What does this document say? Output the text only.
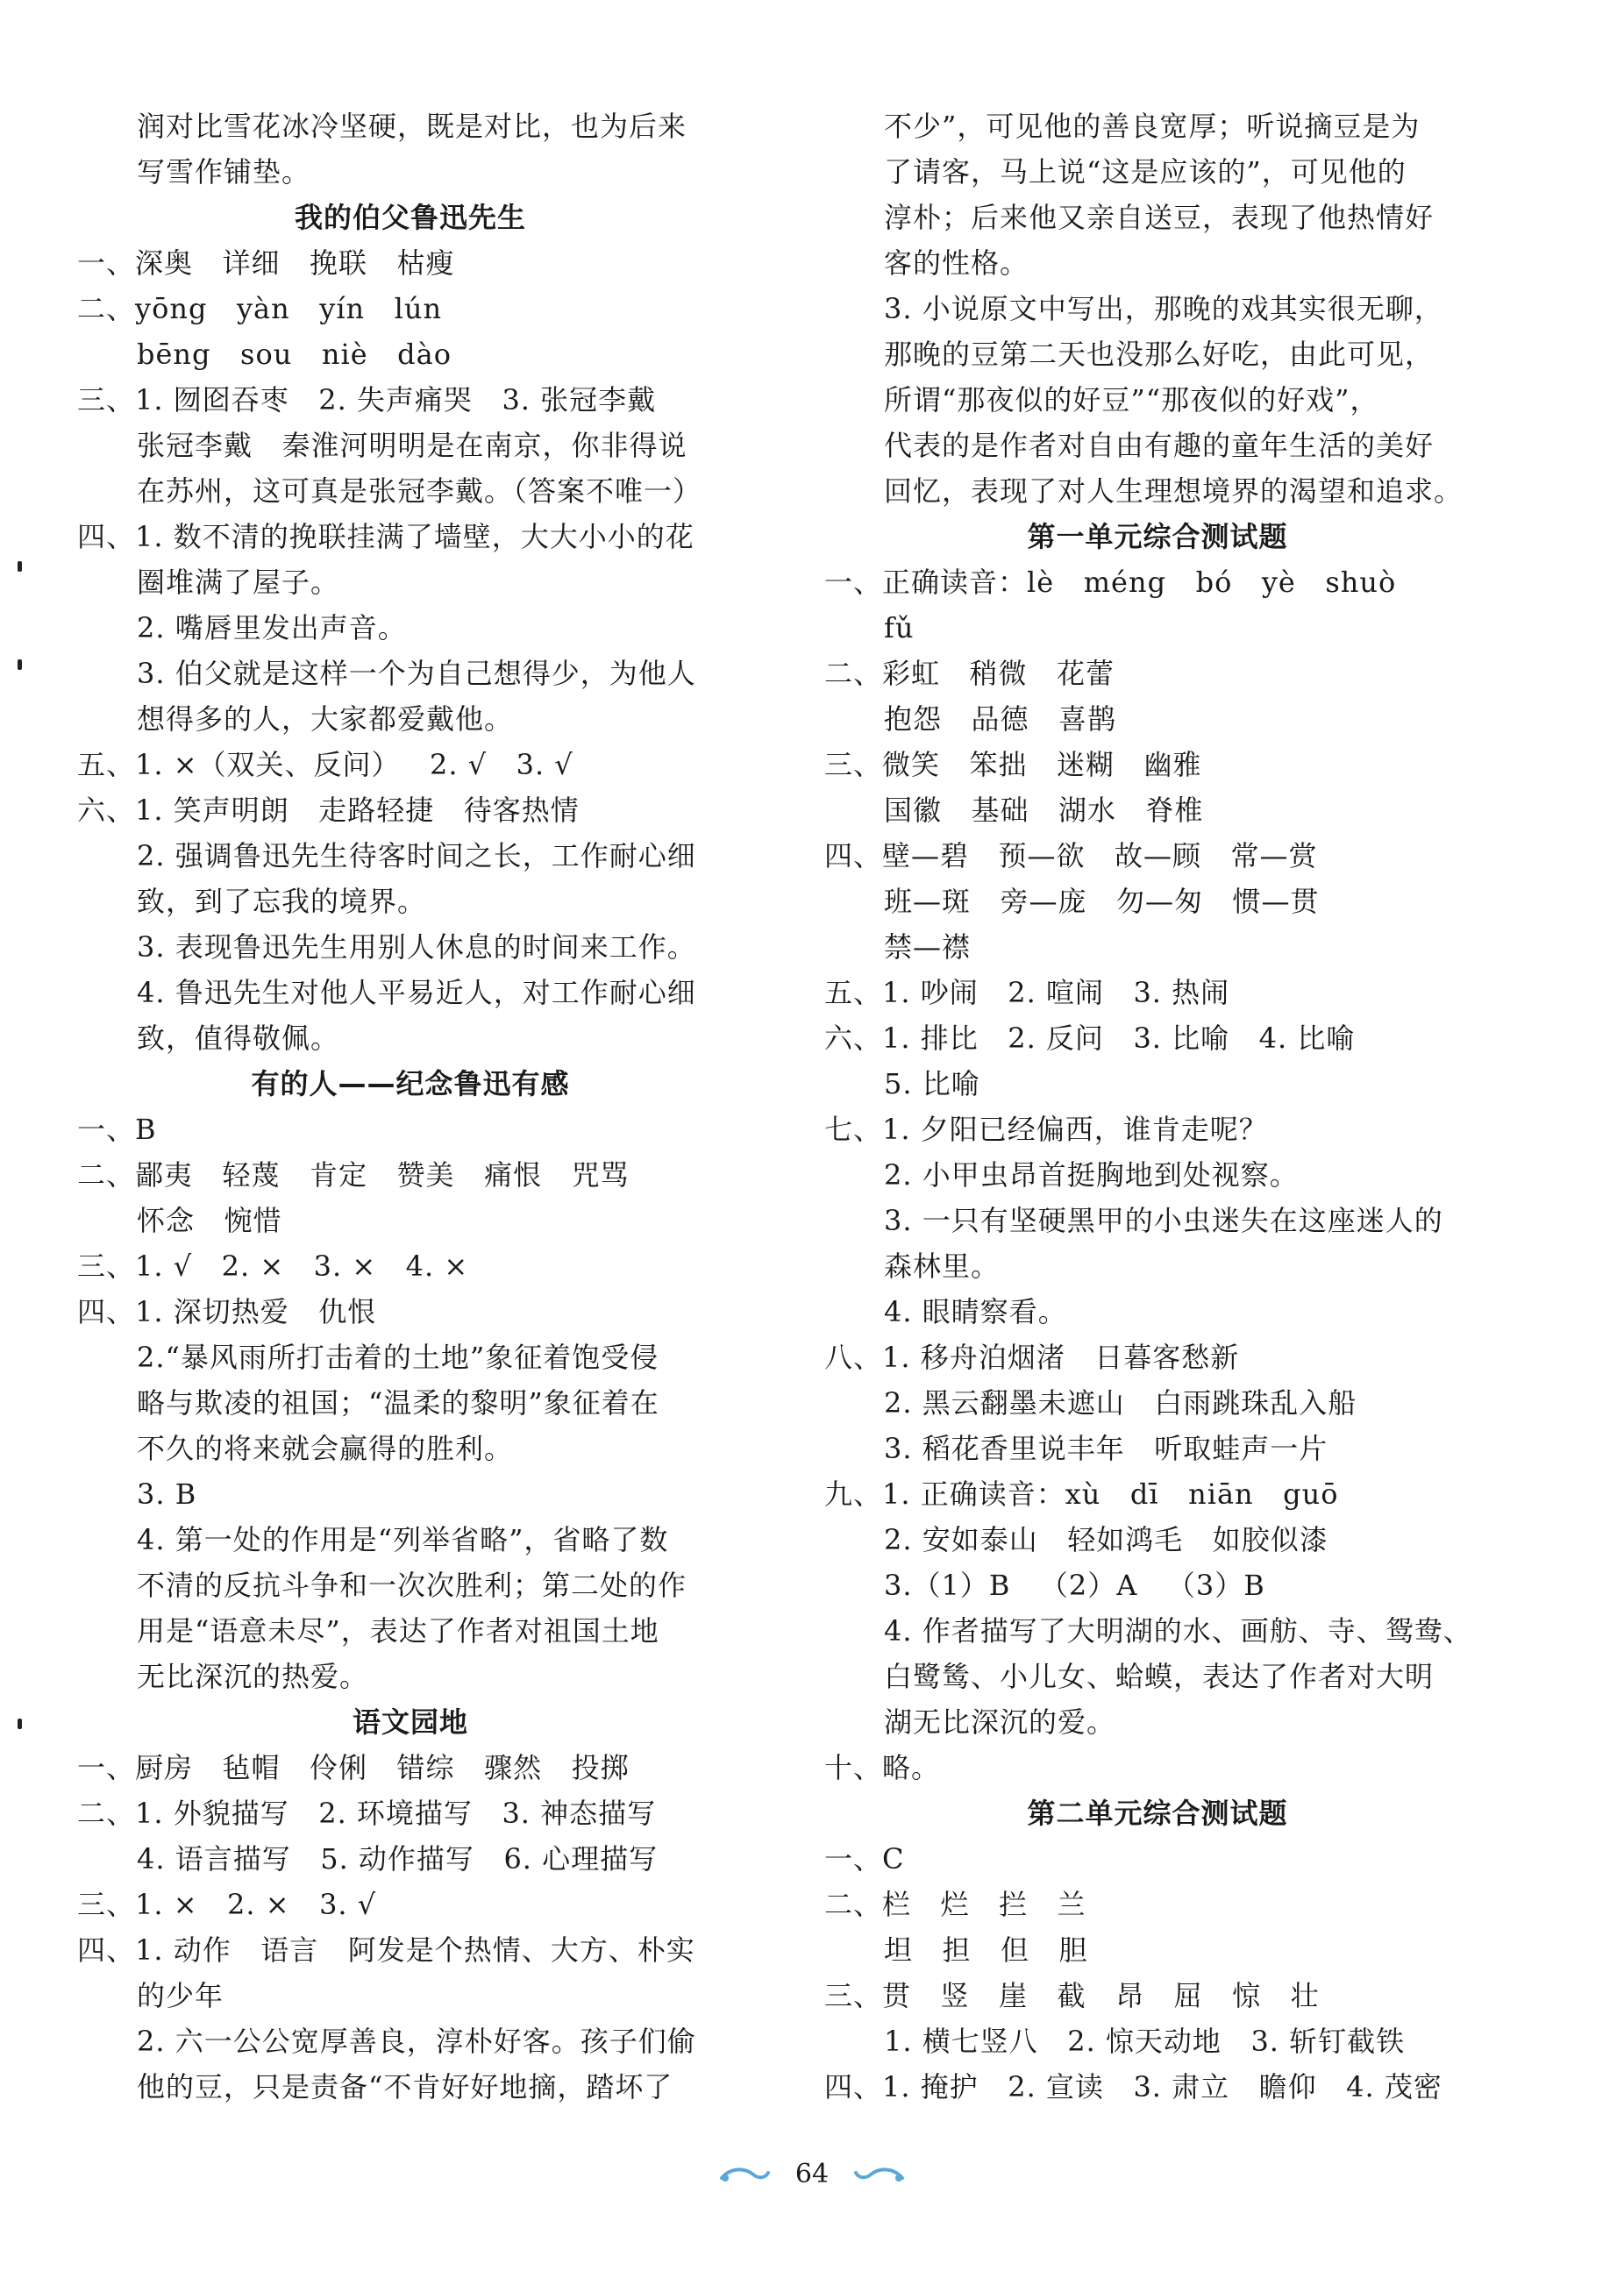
润对比雪花冰冷坚硬，既是对比，也为后来
写雪作铺垫。
我的伯父鲁迅先生
一、深奥   详细   挽联   枯瘦
二、yōng   yàn   yín   lún
bēng   sou   niè   dào
三、1. 囫囵吞枣   2. 失声痛哭   3. 张冠李戴
张冠李戴   秦淮河明明是在南京，你非得说
在苏州，这可真是张冠李戴。（答案不唯一）
四、1. 数不清的挽联挂满了墙壁，大大小小的花
圈堆满了屋子。
2. 嘴唇里发出声音。
3. 伯父就是这样一个为自己想得少，为他人
想得多的人，大家都爱戴他。
五、1. ×（双关、反问）   2. √   3. √
六、1. 笑声明朗   走路轻捷   待客热情
2. 强调鲁迅先生待客时间之长，工作耐心细
致，到了忘我的境界。
3. 表现鲁迅先生用别人休息的时间来工作。
4. 鲁迅先生对他人平易近人，对工作耐心细
致，值得敬佩。
有的人——纪念鲁迅有感
一、B
二、鄙夷   轻蔑   肯定   赞美   痛恨   咒骂
怀念   惋惜
三、1. √   2. ×   3. ×   4. ×
四、1. 深切热爱   仇恨
2.“暴风雨所打击着的土地”象征着饱受侵
略与欺凌的祖国；“温柔的黎明”象征着在
不久的将来就会赢得的胜利。
3. B
4. 第一处的作用是“列举省略”，省略了数
不清的反抗斗争和一次次胜利；第二处的作
用是“语意未尽”，表达了作者对祖国土地
无比深沉的热爱。
语文园地
一、厨房   毡帽   伶俐   错综   骤然   投掷
二、1. 外貌描写   2. 环境描写   3. 神态描写
4. 语言描写   5. 动作描写   6. 心理描写
三、1. ×   2. ×   3. √
四、1. 动作   语言   阿发是个热情、大方、朴实
的少年
2. 六一公公宽厚善良，淳朴好客。孩子们偷
他的豆，只是责备“不肯好好地摘，踏坏了
不少”，可见他的善良宽厚；听说摘豆是为
了请客，马上说“这是应该的”，可见他的
淳朴；后来他又亲自送豆，表现了他热情好
客的性格。
3. 小说原文中写出，那晚的戏其实很无聊，
那晚的豆第二天也没那么好吃，由此可见，
所谓“那夜似的好豆”“那夜似的好戏”，
代表的是作者对自由有趣的童年生活的美好
回忆，表现了对人生理想境界的渴望和追求。
第一单元综合测试题
一、正确读音：lè   méng   bó   yè   shuò
fǔ
二、彩虹   稍微   花蕾
抱怨   品德   喜鹊
三、微笑   笨拙   迷糊   幽雅
国徽   基础   湖水   脊椎
四、壁—碧   预—欲   故—顾   常—赏
班—斑   旁—庞   勿—匆   惯—贯
禁—襟
五、1. 吵闹   2. 喧闹   3. 热闹
六、1. 排比   2. 反问   3. 比喻   4. 比喻
5. 比喻
七、1. 夕阳已经偏西，谁肯走呢？
2. 小甲虫昂首挺胸地到处视察。
3. 一只有坚硬黑甲的小虫迷失在这座迷人的
森林里。
4. 眼睛察看。
八、1. 移舟泊烟渚   日暮客愁新
2. 黑云翻墨未遮山   白雨跳珠乱入船
3. 稻花香里说丰年   听取蛙声一片
九、1. 正确读音：xù   dī   niān   guō
2. 安如泰山   轻如鸿毛   如胶似漆
3.（1）B   （2）A   （3）B
4. 作者描写了大明湖的水、画舫、寺、鸳鸯、
白鹭鸶、小儿女、蛤蟆，表达了作者对大明
湖无比深沉的爱。
十、略。
第二单元综合测试题
一、C
二、栏   烂   拦   兰
坦   担   但   胆
三、贯   竖   崖   截   昂   屈   惊   壮
1. 横七竖八   2. 惊天动地   3. 斩钉截铁
四、1. 掩护   2. 宣读   3. 肃立   瞻仰   4. 茂密
64
